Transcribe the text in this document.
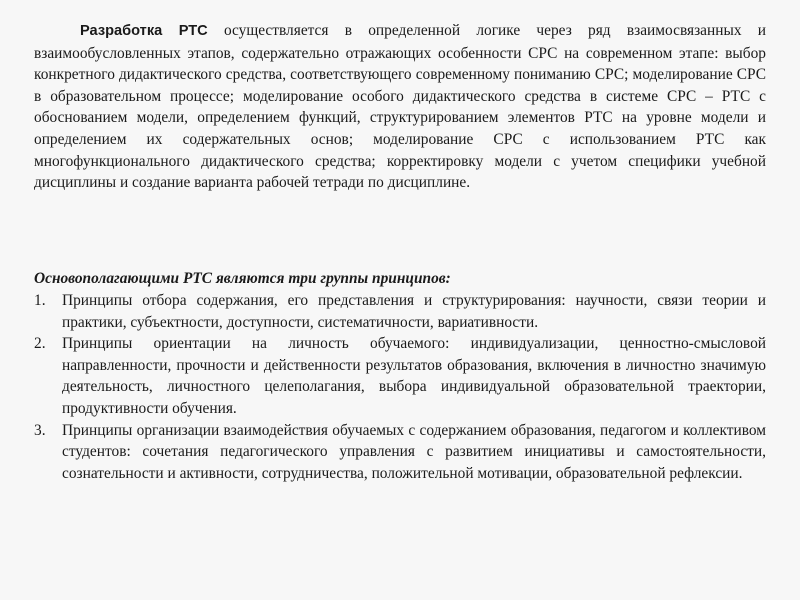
Разработка РТС осуществляется в определенной логике через ряд взаимосвязанных и взаимообусловленных этапов, содержательно отражающих особенности СРС на современном этапе: выбор конкретного дидактического средства, соответствующего современному пониманию СРС; моделирование СРС в образовательном процессе; моделирование особого дидактического средства в системе СРС – РТС с обоснованием модели, определением функций, структурированием элементов РТС на уровне модели и определением их содержательных основ; моделирование СРС с использованием РТС как многофункционального дидактического средства; корректировку модели с учетом специфики учебной дисциплины и создание варианта рабочей тетради по дисциплине.

Основополагающими РТС являются три группы принципов:

1. Принципы отбора содержания, его представления и структурирования: научности, связи теории и практики, субъектности, доступности, систематичности, вариативности.
2. Принципы ориентации на личность обучаемого: индивидуализации, ценностно-смысловой направленности, прочности и действенности результатов образования, включения в личностно значимую деятельность, личностного целеполагания, выбора индивидуальной образовательной траектории, продуктивности обучения.
3. Принципы организации взаимодействия обучаемых с содержанием образования, педагогом и коллективом студентов: сочетания педагогического управления с развитием инициативы и самостоятельности, сознательности и активности, сотрудничества, положительной мотивации, образовательной рефлексии.
